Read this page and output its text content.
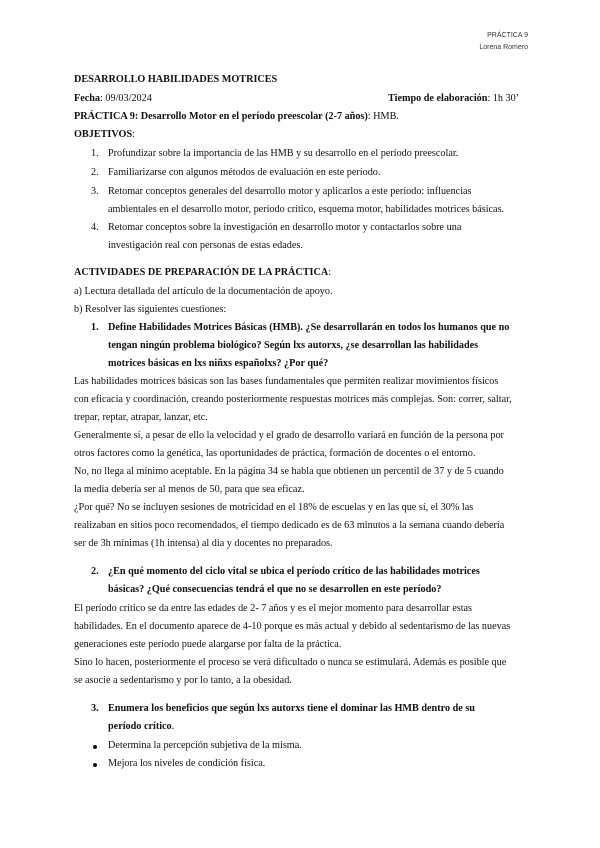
PRÁCTICA 9
Lorena Romero
DESARROLLO HABILIDADES MOTRICES
Fecha: 09/03/2024	Tiempo de elaboración: 1h 30’
PRÁCTICA 9: Desarrollo Motor en el período preescolar (2-7 años): HMB.
OBJETIVOS:
1. Profundizar sobre la importancia de las HMB y su desarrollo en el período preescolar.
2. Familiarizarse con algunos métodos de evaluación en este período.
3. Retomar conceptos generales del desarrollo motor y aplicarlos a este período: influencias
ambientales en el desarrollo motor, período crítico, esquema motor, habilidades motrices básicas.
4. Retomar conceptos sobre la investigación en desarrollo motor y contactarlos sobre una
investigación real con personas de estas edades.
ACTIVIDADES DE PREPARACIÓN DE LA PRÁCTICA:
a) Lectura detallada del artículo de la documentación de apoyo.
b) Resolver las siguientes cuestiones:
1. Define Habilidades Motrices Básicas (HMB). ¿Se desarrollarán en todos los humanos que no
tengan ningún problema biológico? Según lxs autorxs, ¿se desarrollan las habilidades
motrices básicas en lxs niñxs españolxs? ¿Por qué?
Las habilidades motrices básicas son las bases fundamentales que permiten realizar movimientos físicos
con eficacia y coordinación, creando posteriormente respuestas motrices más complejas. Son: correr, saltar,
trepar, reptar, atrapar, lanzar, etc.
Generalmente sí, a pesar de ello la velocidad y el grado de desarrollo variará en función de la persona por
otros factores como la genética, las oportunidades de práctica, formación de docentes o el entorno.
No, no llega al mínimo aceptable. En la página 34 se habla que obtienen un percentil de 37 y de 5 cuando
la media debería ser al menos de 50, para que sea eficaz.
¿Por qué? No se incluyen sesiones de motricidad en el 18% de escuelas y en las que sí, el 30% las
realizaban en sitios poco recomendados, el tiempo dedicado es de 63 minutos a la semana cuando debería
ser de 3h mínimas (1h intensa) al día y docentes no preparados.
2. ¿En qué momento del ciclo vital se ubica el período crítico de las habilidades motrices
básicas? ¿Qué consecuencias tendrá el que no se desarrollen en este período?
El período crítico se da entre las edades de 2- 7 años y es el mejor momento para desarrollar estas
habilidades. En el documento aparece de 4-10 porque es más actual y debido al sedentarismo de las nuevas
generaciones este período puede alargarse por falta de la práctica.
Sino lo hacen, posteriormente el proceso se verá dificultado o nunca se estimulará. Además es posible que
se asocie a sedentarismo y por lo tanto, a la obesidad.
3. Enumera los beneficios que según lxs autorxs tiene el dominar las HMB dentro de su
período crítico.
Determina la percepción subjetiva de la misma.
Mejora los niveles de condición física.
